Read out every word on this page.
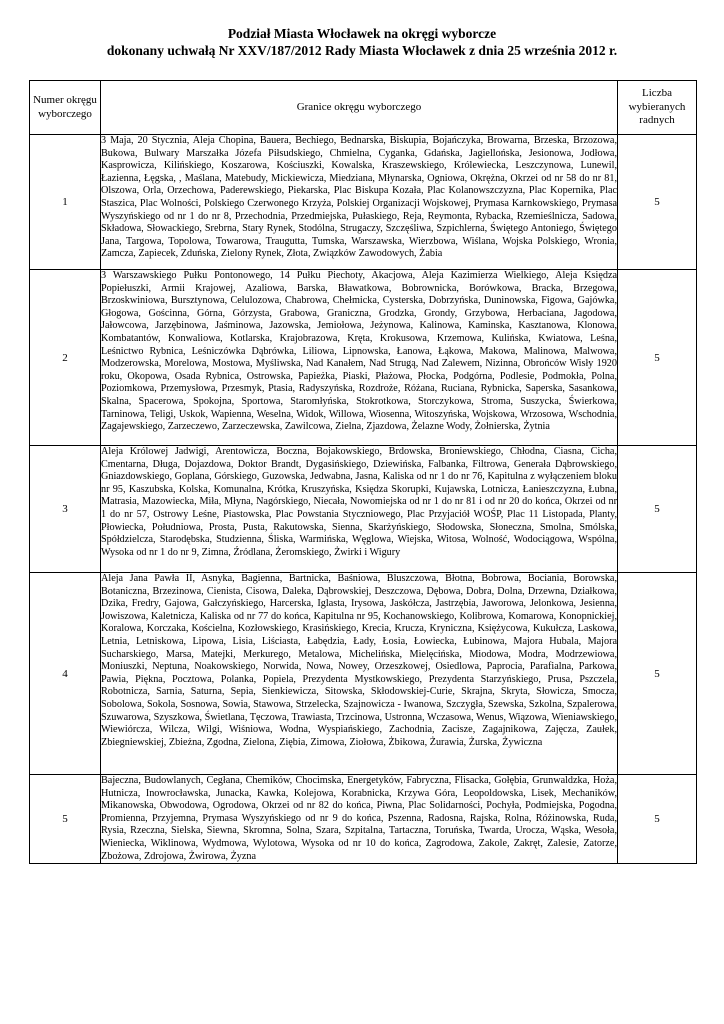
Podział Miasta Włocławek na okręgi wyborcze
dokonany uchwałą Nr XXV/187/2012 Rady Miasta Włocławek z dnia 25 września 2012 r.
Numer okręgu wyborczego	Granice okręgu wyborczego	Liczba wybieranych radnych
1	3 Maja, 20 Stycznia, Aleja Chopina, Bauera, Bechiego, Bednarska, Biskupia, Bojańczyka, Browarna, Brzeska, Brzozowa, Bukowa, Bulwary Marszałka Józefa Piłsudskiego, Chmielna, Cyganka, Gdańska, Jagiellońska, Jesionowa, Jodłowa, Kasprowicza, Kilińskiego, Koszarowa, Kościuszki, Kowalska, Kraszewskiego, Królewiecka, Leszczynowa, Lunewil, Łazienna, Łęgska, , Maślana, Matebudy, Mickiewicza, Miedziana, Młynarska, Ogniowa, Okrężna, Okrzei od nr 58 do nr 81, Olszowa, Orla, Orzechowa, Paderewskiego, Piekarska, Plac Biskupa Kozała, Plac Kolanowszczyzna, Plac Kopernika, Plac Staszica, Plac Wolności, Polskiego Czerwonego Krzyża, Polskiej Organizacji Wojskowej, Prymasa Karnkowskiego, Prymasa Wyszyńskiego od nr 1 do nr 8, Przechodnia, Przedmiejska, Pułaskiego, Reja, Reymonta, Rybacka, Rzemieślnicza, Sadowa, Składowa, Słowackiego, Srebrna, Stary Rynek, Stodólna, Strugaczy, Szczęśliwa, Szpichlerna, Świętego Antoniego, Świętego Jana, Targowa, Topolowa, Towarowa, Traugutta, Tumska, Warszawska, Wierzbowa, Wiślana, Wojska Polskiego, Wronia, Zamcza, Zapiecek, Zduńska, Zielony Rynek, Złota, Związków Zawodowych, Żabia	5
2	3 Warszawskiego Pułku Pontonowego, 14 Pułku Piechoty, Akacjowa, Aleja Kazimierza Wielkiego, Aleja Księdza Popiełuszki, Armii Krajowej, Azaliowa, Barska, Bławatkowa, Bobrownicka, Borówkowa, Bracka, Brzegowa, Brzoskwiniowa, Bursztynowa, Celulozowa, Chabrowa, Chełmicka, Cysterska, Dobrzyńska, Duninowska, Figowa, Gajówka, Głogowa, Gościnna, Górna, Górzysta, Grabowa, Graniczna, Grodzka, Grondy, Grzybowa, Herbaciana, Jagodowa, Jałowcowa, Jarzębinowa, Jaśminowa, Jazowska, Jemiołowa, Jeżynowa, Kalinowa, Kaminska, Kasztanowa, Klonowa, Kombatantów, Konwaliowa, Kotlarska, Krajobrazowa, Kręta, Krokusowa, Krzemowa, Kulińska, Kwiatowa, Leśna, Leśnictwo Rybnica, Leśniczówka Dąbrówka, Liliowa, Lipnowska, Łanowa, Łąkowa, Makowa, Malinowa, Malwowa, Modzerowska, Morelowa, Mostowa, Myśliwska, Nad Kanałem, Nad Strugą, Nad Zalewem, Nizinna, Obrońców Wisły 1920 roku, Okopowa, Osada Rybnica, Ostrowska, Papieżka, Piaski, Płażowa, Płocka, Podgórna, Podlesie, Podmokła, Polna, Poziomkowa, Przemysłowa, Przesmyk, Ptasia, Radyszyńska, Rozdroże, Różana, Ruciana, Rybnicka, Saperska, Sasankowa, Skalna, Spacerowa, Spokojna, Sportowa, Staromłyńska, Stokrotkowa, Storczykowa, Stroma, Suszycka, Świerkowa, Tarninowa, Teligi, Uskok, Wapienna, Weselna, Widok, Willowa, Wiosenna, Witoszyńska, Wojskowa, Wrzosowa, Wschodnia, Zagajewskiego, Zarzeczewo, Zarzeczewska, Zawilcowa, Zielna, Zjazdowa, Żelazne Wody, Żołnierska, Żytnia	5
3	Aleja Królowej Jadwigi, Arentowicza, Boczna, Bojakowskiego, Brdowska, Broniewskiego, Chłodna, Ciasna, Cicha, Cmentarna, Długa, Dojazdowa, Doktor Brandt, Dygasińskiego, Dziewińska, Falbanka, Filtrowa, Generała Dąbrowskiego, Gniazdowskiego, Goplana, Górskiego, Guzowska, Jedwabna, Jasna, Kaliska od nr 1 do nr 76, Kapitulna z wyłączeniem bloku nr 95, Kaszubska, Kolska, Komunalna, Krótka, Kruszyńska, Księdza Skorupki, Kujawska, Lotnicza, Łanieszczyzna, Łubna, Matrasia, Mazowiecka, Miła, Młyna, Nagórskiego, Niecała, Nowomiejska od nr 1 do nr 81 i od nr 20 do końca, Okrzei od nr 1 do nr 57, Ostrowy Leśne, Piastowska, Plac Powstania Styczniowego, Plac Przyjaciół WOŚP, Plac 11 Listopada, Planty, Płowiecka, Południowa, Prosta, Pusta, Rakutowska, Sienna, Skarżyńskiego, Słodowska, Słoneczna, Smolna, Smólska, Spółdzielcza, Starodębska, Studzienna, Śliska, Warmińska, Węglowa, Wiejska, Witosa, Wolność, Wodociągowa, Wspólna, Wysoka od nr 1 do nr 9, Zimna, Źródlana, Żeromskiego, Żwirki i Wigury	5
4	Aleja Jana Pawła II, Asnyka, Bagienna, Bartnicka, Baśniowa, Bluszczowa, Błotna, Bobrowa, Bociania, Borowska, Botaniczna, Brzezinowa, Cienista, Cisowa, Daleka, Dąbrowskiej, Deszczowa, Dębowa, Dobra, Dolna, Drzewna, Działkowa, Dzika, Fredry, Gajowa, Gałczyńskiego, Harcerska, Iglasta, Irysowa, Jaskółcza, Jastrzębia, Jaworowa, Jelonkowa, Jesienna, Jowiszowa, Kaletnicza, Kaliska od nr 77 do końca, Kapitulna nr 95, Kochanowskiego, Kolibrowa, Komarowa, Konopnickiej, Koralowa, Korczaka, Kościelna, Kozłowskiego, Krasińskiego, Krecia, Krucza, Kryniczna, Księżycowa, Kukułcza, Laskowa, Letnia, Letniskowa, Lipowa, Lisia, Liściasta, Łabędzia, Łady, Łosia, Łowiecka, Łubinowa, Majora Hubala, Majora Sucharskiego, Marsa, Matejki, Merkurego, Metalowa, Michelińska, Mielęcińska, Miodowa, Modra, Modrzewiowa, Moniuszki, Neptuna, Noakowskiego, Norwida, Nowa, Nowey, Orzeszkowej, Osiedlowa, Paprocia, Parafialna, Parkowa, Pawia, Piękna, Pocztowa, Polanka, Popiela, Prezydenta Mystkowskiego, Prezydenta Starzyńskiego, Prusa, Pszczela, Robotnicza, Sarnia, Saturna, Sepia, Sienkiewicza, Sitowska, Skłodowskiej-Curie, Skrajna, Skryta, Słowicza, Smocza, Sobolowa, Sokola, Sosnowa, Sowia, Stawowa, Strzelecka, Szajnowicza - Iwanowa, Szczygła, Szewska, Szkolna, Szpalerowa, Szuwarowa, Szyszkowa, Świetlana, Tęczowa, Trawiasta, Trzcinowa, Ustronna, Wczasowa, Wenus, Wiązowa, Wieniawskiego, Wiewiórcza, Wilcza, Wilgi, Wiśniowa, Wodna, Wyspiańskiego, Zachodnia, Zacisze, Zagajnikowa, Zajęcza, Zaułek, Zbiegniewskiej, Zbieżna, Zgodna, Zielona, Ziębia, Zimowa, Ziołowa, Żbikowa, Żurawia, Żurska, Żywiczna	5
5	Bajeczna, Budowlanych, Cegłana, Chemików, Chocimska, Energetyków, Fabryczna, Flisacka, Gołębia, Grunwaldzka, Hoża, Hutnicza, Inowrocławska, Junacka, Kawka, Kolejowa, Korabnicka, Krzywa Góra, Leopoldowska, Lisek, Mechaników, Mikanowska, Obwodowa, Ogrodowa, Okrzei od nr 82 do końca, Piwna, Plac Solidarności, Pochyła, Podmiejska, Pogodna, Promienna, Przyjemna, Prymasa Wyszyńskiego od nr 9 do końca, Pszenna, Radosna, Rajska, Rolna, Różinowska, Ruda, Rysia, Rzeczna, Sielska, Siewna, Skromna, Solna, Szara, Szpitalna, Tartaczna, Toruńska, Twarda, Urocza, Wąska, Wesoła, Wieniecka, Wiklinowa, Wydmowa, Wylotowa, Wysoka od nr 10 do końca, Zagrodowa, Zakole, Zakręt, Zalesie, Zatorze, Zbożowa, Zdrojowa, Żwirowa, Żyzna	5
